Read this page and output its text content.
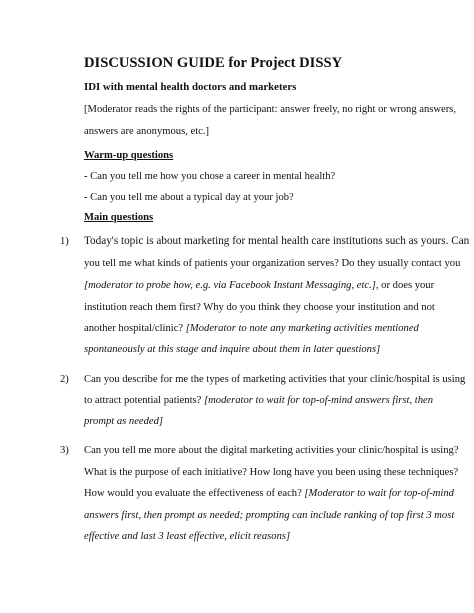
DISCUSSION GUIDE for Project DISSY
IDI with mental health doctors and marketers
[Moderator reads the rights of the participant: answer freely, no right or wrong answers,
answers are anonymous, etc.]
Warm-up questions
- Can you tell me how you chose a career in mental health?
- Can you tell me about a typical day at your job?
Main questions
1) Today's topic is about marketing for mental health care institutions such as yours. Can
you tell me what kinds of patients your organization serves? Do they usually contact you
[moderator to probe how, e.g. via Facebook Instant Messaging, etc.], or does your
institution reach them first? Why do you think they choose your institution and not
another hospital/clinic? [Moderator to note any marketing activities mentioned
spontaneously at this stage and inquire about them in later questions]
2) Can you describe for me the types of marketing activities that your clinic/hospital is using
to attract potential patients? [moderator to wait for top-of-mind answers first, then
prompt as needed]
3) Can you tell me more about the digital marketing activities your clinic/hospital is using?
What is the purpose of each initiative? How long have you been using these techniques?
How would you evaluate the effectiveness of each? [Moderator to wait for top-of-mind
answers first, then prompt as needed; prompting can include ranking of top first 3 most
effective and last 3 least effective, elicit reasons]
